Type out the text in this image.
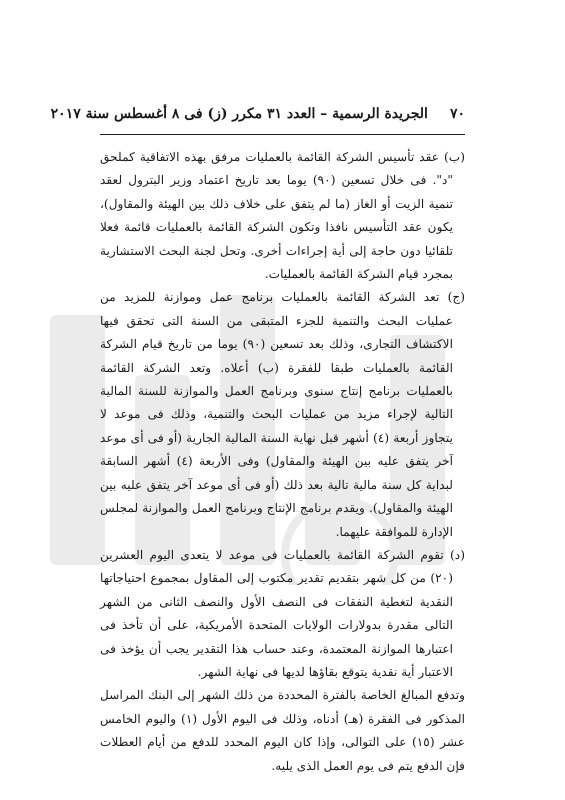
٧٠
الجريدة الرسمية – العدد ٣١ مكرر (ز) فى ٨ أغسطس سنة ٢٠١٧

(ب) عقد تأسيس الشركة القائمة بالعمليات مرفق بهذه الاتفاقية كملحق "د". فى خلال تسعين (٩٠) يوما بعد تاريخ اعتماد وزير البترول لعقد تنمية الزيت أو الغاز (ما لم يتفق على خلاف ذلك بين الهيئة والمقاول)، يكون عقد التأسيس نافذا وتكون الشركة القائمة بالعمليات قائمة فعلا تلقائيا دون حاجة إلى أية إجراءات أخرى. وتحل لجنة البحث الاستشارية بمجرد قيام الشركة القائمة بالعمليات.

(ج) تعد الشركة القائمة بالعمليات برنامج عمل وموازنة للمزيد من عمليات البحث والتنمية للجزء المتبقى من السنة التى تحقق فيها الاكتشاف التجارى، وذلك بعد تسعين (٩٠) يوما من تاريخ قيام الشركة القائمة بالعمليات طبقا للفقرة (ب) أعلاه. وتعد الشركة القائمة بالعمليات برنامج إنتاج سنوى وبرنامج العمل والموازنة للسنة المالية التالية لإجراء مزيد من عمليات البحث والتنمية، وذلك فى موعد لا يتجاوز أربعة (٤) أشهر قبل نهاية السنة المالية الجارية (أو فى أى موعد آخر يتفق عليه بين الهيئة والمقاول) وفى الأربعة (٤) أشهر السابقة لبداية كل سنة مالية تالية بعد ذلك (أو فى أى موعد آخر يتفق عليه بين الهيئة والمقاول). ويقدم برنامج الإنتاج وبرنامج العمل والموازنة لمجلس الإدارة للموافقة عليهما.

(د) تقوم الشركة القائمة بالعمليات فى موعد لا يتعدى اليوم العشرين (٢٠) من كل شهر بتقديم تقدير مكتوب إلى المقاول بمجموع احتياجاتها النقدية لتغطية النفقات فى النصف الأول والنصف الثانى من الشهر التالى مقدرة بدولارات الولايات المتحدة الأمريكية، على أن تأخذ فى اعتبارها الموازنة المعتمدة، وعند حساب هذا التقدير يجب أن يؤخذ فى الاعتبار أية نقدية يتوقع بقاؤها لديها فى نهاية الشهر.

وتدفع المبالغ الخاصة بالفترة المحددة من ذلك الشهر إلى البنك المراسل المذكور فى الفقرة (هـ) أدناه، وذلك فى اليوم الأول (١) واليوم الخامس عشر (١٥) على التوالى، وإذا كان اليوم المحدد للدفع من أيام العطلات فإن الدفع يتم فى يوم العمل الذى يليه.
